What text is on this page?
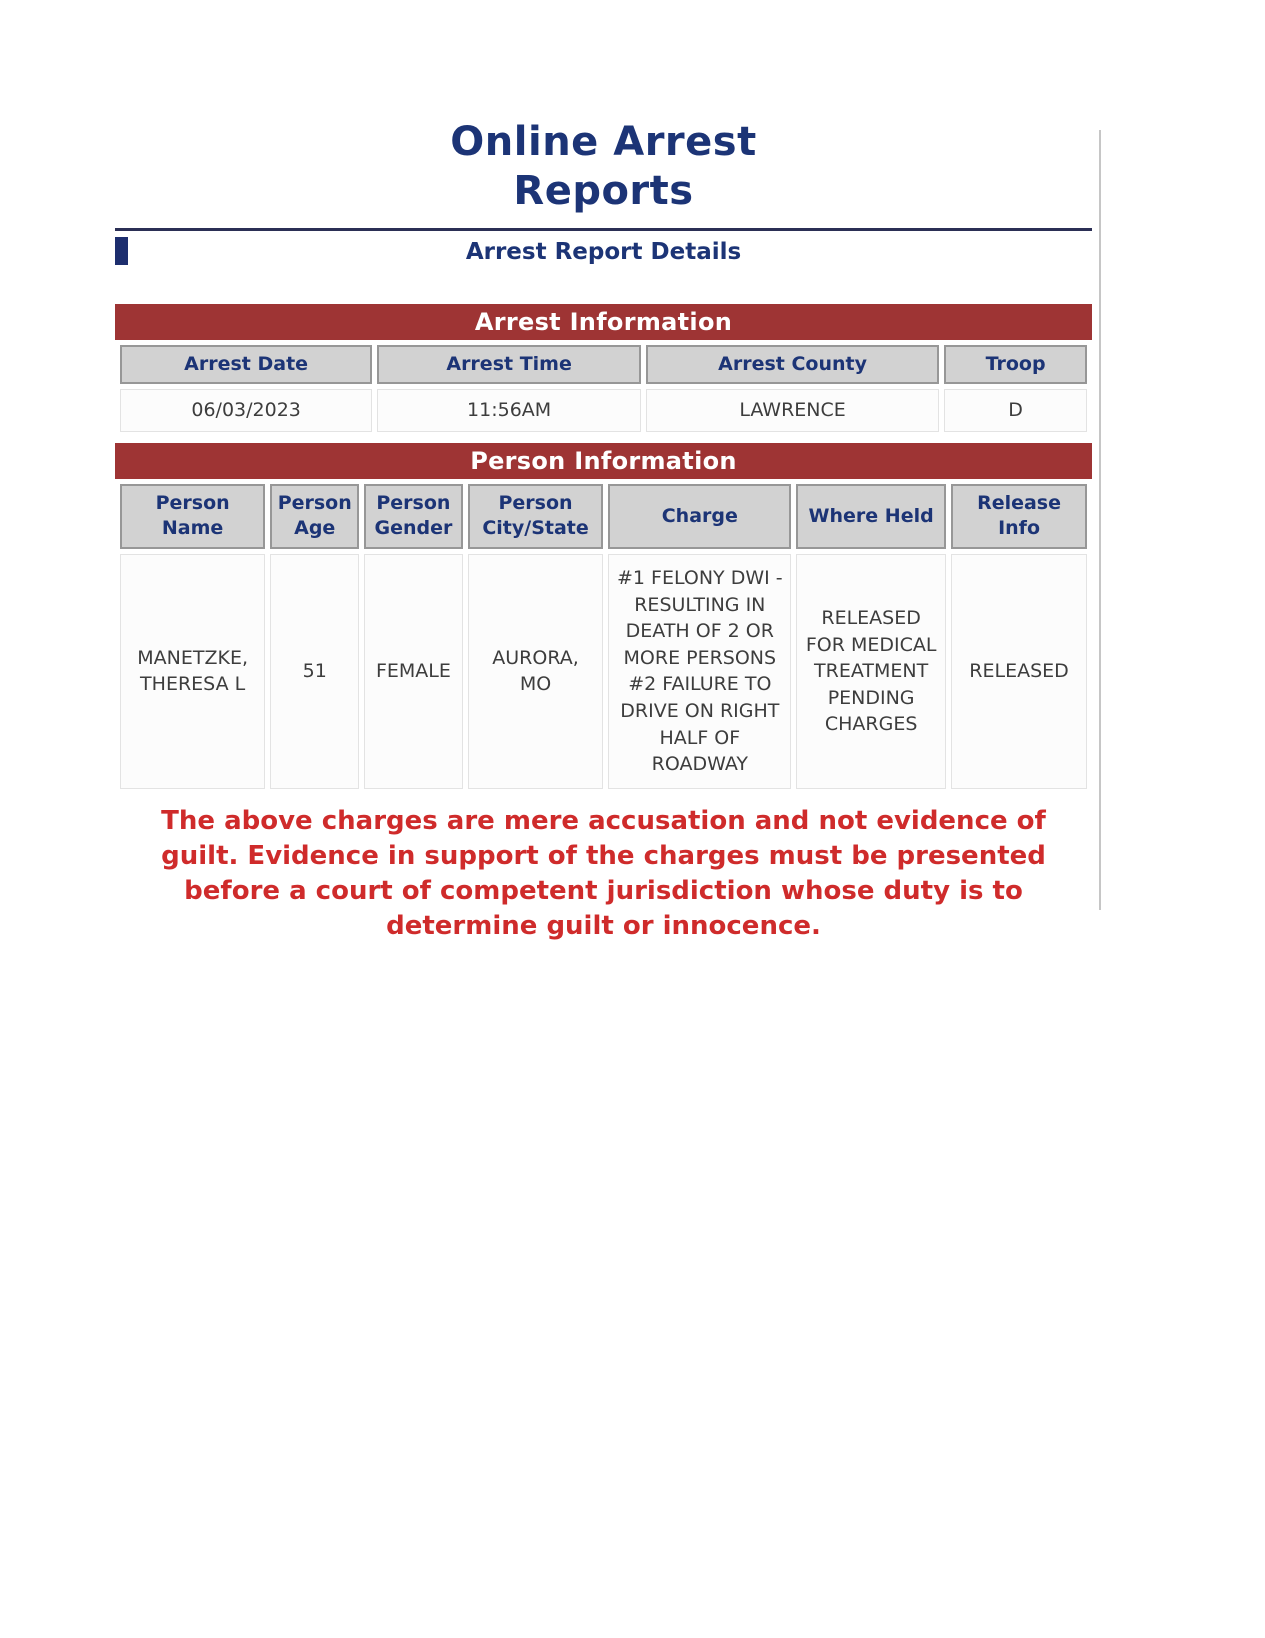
Online Arrest
Reports
Arrest Report Details
Arrest Information
Arrest Date	Arrest Time	Arrest County	Troop
06/03/2023	11:56AM	LAWRENCE	D
Person Information
Person Name	Person Age	Person Gender	Person City/State	Charge	Where Held	Release Info
MANETZKE, THERESA L	51	FEMALE	AURORA, MO	#1 FELONY DWI - RESULTING IN DEATH OF 2 OR MORE PERSONS #2 FAILURE TO DRIVE ON RIGHT HALF OF ROADWAY	RELEASED FOR MEDICAL TREATMENT PENDING CHARGES	RELEASED
The above charges are mere accusation and not evidence of guilt. Evidence in support of the charges must be presented before a court of competent jurisdiction whose duty is to determine guilt or innocence.
